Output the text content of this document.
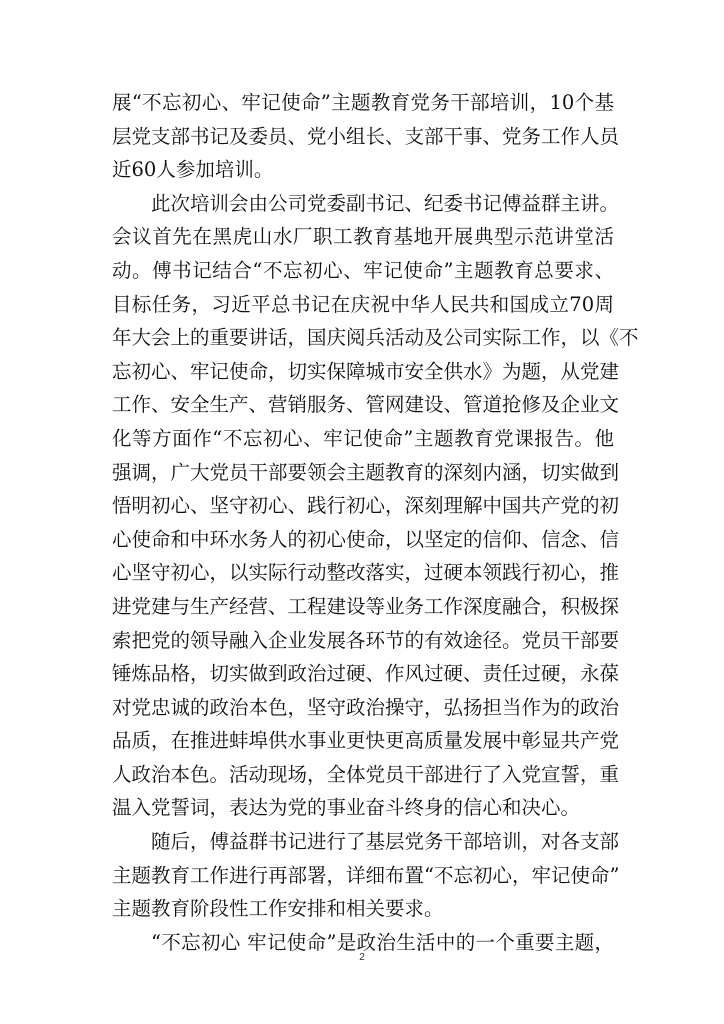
展“不忘初心、牢记使命”主题教育党务干部培训，10个基
层党支部书记及委员、党小组长、支部干事、党务工作人员
近60人参加培训。
此次培训会由公司党委副书记、纪委书记傅益群主讲。
会议首先在黑虎山水厂职工教育基地开展典型示范讲堂活
动。傅书记结合“不忘初心、牢记使命”主题教育总要求、
目标任务，习近平总书记在庆祝中华人民共和国成立70周
年大会上的重要讲话，国庆阅兵活动及公司实际工作，以《不
忘初心、牢记使命，切实保障城市安全供水》为题，从党建
工作、安全生产、营销服务、管网建设、管道抢修及企业文
化等方面作“不忘初心、牢记使命”主题教育党课报告。他
强调，广大党员干部要领会主题教育的深刻内涵，切实做到
悟明初心、坚守初心、践行初心，深刻理解中国共产党的初
心使命和中环水务人的初心使命，以坚定的信仰、信念、信
心坚守初心，以实际行动整改落实，过硬本领践行初心，推
进党建与生产经营、工程建设等业务工作深度融合，积极探
索把党的领导融入企业发展各环节的有效途径。党员干部要
锤炼品格，切实做到政治过硬、作风过硬、责任过硬，永葆
对党忠诚的政治本色，坚守政治操守，弘扬担当作为的政治
品质，在推进蚌埠供水事业更快更高质量发展中彰显共产党
人政治本色。活动现场，全体党员干部进行了入党宣誓，重
温入党誓词，表达为党的事业奋斗终身的信心和决心。
随后，傅益群书记进行了基层党务干部培训，对各支部
主题教育工作进行再部署，详细布置“不忘初心，牢记使命”
主题教育阶段性工作安排和相关要求。
“不忘初心 牢记使命”是政治生活中的一个重要主题，
2
